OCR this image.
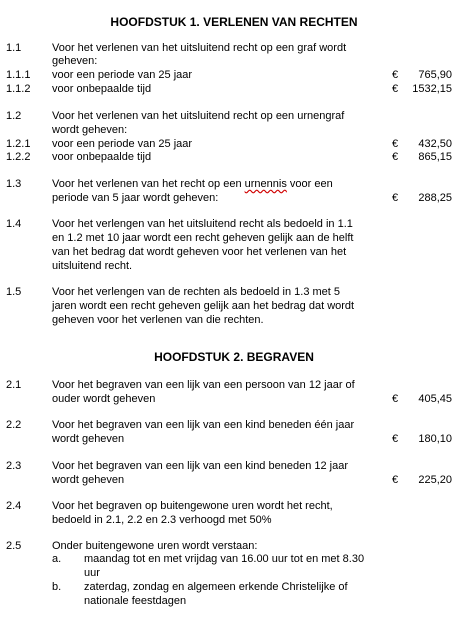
HOOFDSTUK 1. VERLENEN VAN RECHTEN
1.1	Voor het verlenen van het uitsluitend recht op een graf wordt
geheven:
1.1.1 voor een periode van 25 jaar	€ 765,90
1.1.2 voor onbepaalde tijd	€ 1532,15
1.2	Voor het verlenen van het uitsluitend recht op een urnengraf
wordt geheven:
1.2.1 voor een periode van 25 jaar	€ 432,50
1.2.2 voor onbepaalde tijd	€ 865,15
1.3	Voor het verlenen van het recht op een urnennis voor een
periode van 5 jaar wordt geheven:	€ 288,25
1.4	Voor het verlengen van het uitsluitend recht als bedoeld in 1.1
en 1.2 met 10 jaar wordt een recht geheven gelijk aan de helft
van het bedrag dat wordt geheven voor het verlenen van het
uitsluitend recht.
1.5	Voor het verlengen van de rechten als bedoeld in 1.3 met 5
jaren wordt een recht geheven gelijk aan het bedrag dat wordt
geheven voor het verlenen van die rechten.
HOOFDSTUK 2. BEGRAVEN
2.1	Voor het begraven van een lijk van een persoon van 12 jaar of
ouder wordt geheven	€ 405,45
2.2	Voor het begraven van een lijk van een kind beneden één jaar
wordt geheven	€ 180,10
2.3	Voor het begraven van een lijk van een kind beneden 12 jaar
wordt geheven	€ 225,20
2.4	Voor het begraven op buitengewone uren wordt het recht,
bedoeld in 2.1, 2.2 en 2.3 verhoogd met 50%
2.5	Onder buitengewone uren wordt verstaan:
a. maandag tot en met vrijdag van 16.00 uur tot en met 8.30
uur
b. zaterdag, zondag en algemeen erkende Christelijke of
nationale feestdagen
